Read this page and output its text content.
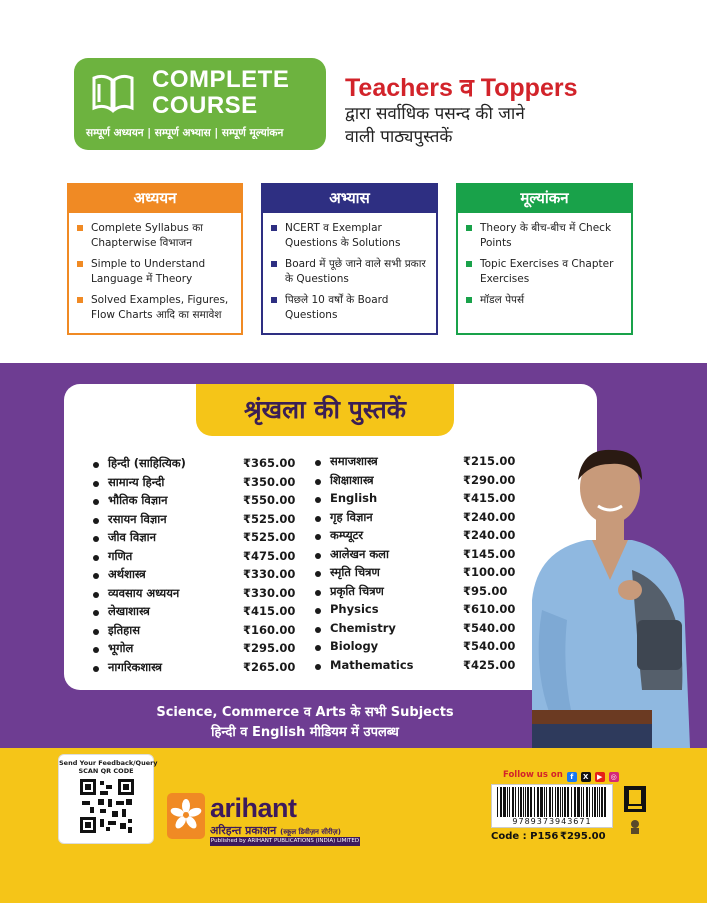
COMPLETE
COURSE
सम्पूर्ण अध्ययन | सम्पूर्ण अभ्यास | सम्पूर्ण मूल्यांकन
Teachers व Toppers
द्वारा सर्वाधिक पसन्द की जाने
वाली पाठ्यपुस्तकें
अध्ययन
Complete Syllabus का Chapterwise विभाजन
Simple to Understand Language में Theory
Solved Examples, Figures, Flow Charts आदि का समावेश
अभ्यास
NCERT व Exemplar Questions के Solutions
Board में पूछे जाने वाले सभी प्रकार के Questions
पिछले 10 वर्षों के Board Questions
मूल्यांकन
Theory के बीच-बीच में Check Points
Topic Exercises व Chapter Exercises
मॉडल पेपर्स
श्रृंखला की पुस्तकें
हिन्दी (साहित्यिक)	₹365.00
सामान्य हिन्दी	₹350.00
भौतिक विज्ञान	₹550.00
रसायन विज्ञान	₹525.00
जीव विज्ञान	₹525.00
गणित	₹475.00
अर्थशास्त्र	₹330.00
व्यवसाय अध्ययन	₹330.00
लेखाशास्त्र	₹415.00
इतिहास	₹160.00
भूगोल	₹295.00
नागरिकशास्त्र	₹265.00
समाजशास्त्र	₹215.00
शिक्षाशास्त्र	₹290.00
English	₹415.00
गृह विज्ञान	₹240.00
कम्प्यूटर	₹240.00
आलेखन कला	₹145.00
स्मृति चित्रण	₹100.00
प्रकृति चित्रण	₹95.00
Physics	₹610.00
Chemistry	₹540.00
Biology	₹540.00
Mathematics	₹425.00
Science, Commerce व Arts के सभी Subjects
हिन्दी व English मीडियम में उपलब्ध
Send Your Feedback/Query
SCAN QR CODE
arihant
अरिहन्त प्रकाशन (स्कूल डिवीज़न सीरीज़)
Published by ARIHANT PUBLICATIONS (INDIA) LIMITED
Follow us on f X ▶ ◎
9789373943671
Code : P156 ₹295.00
